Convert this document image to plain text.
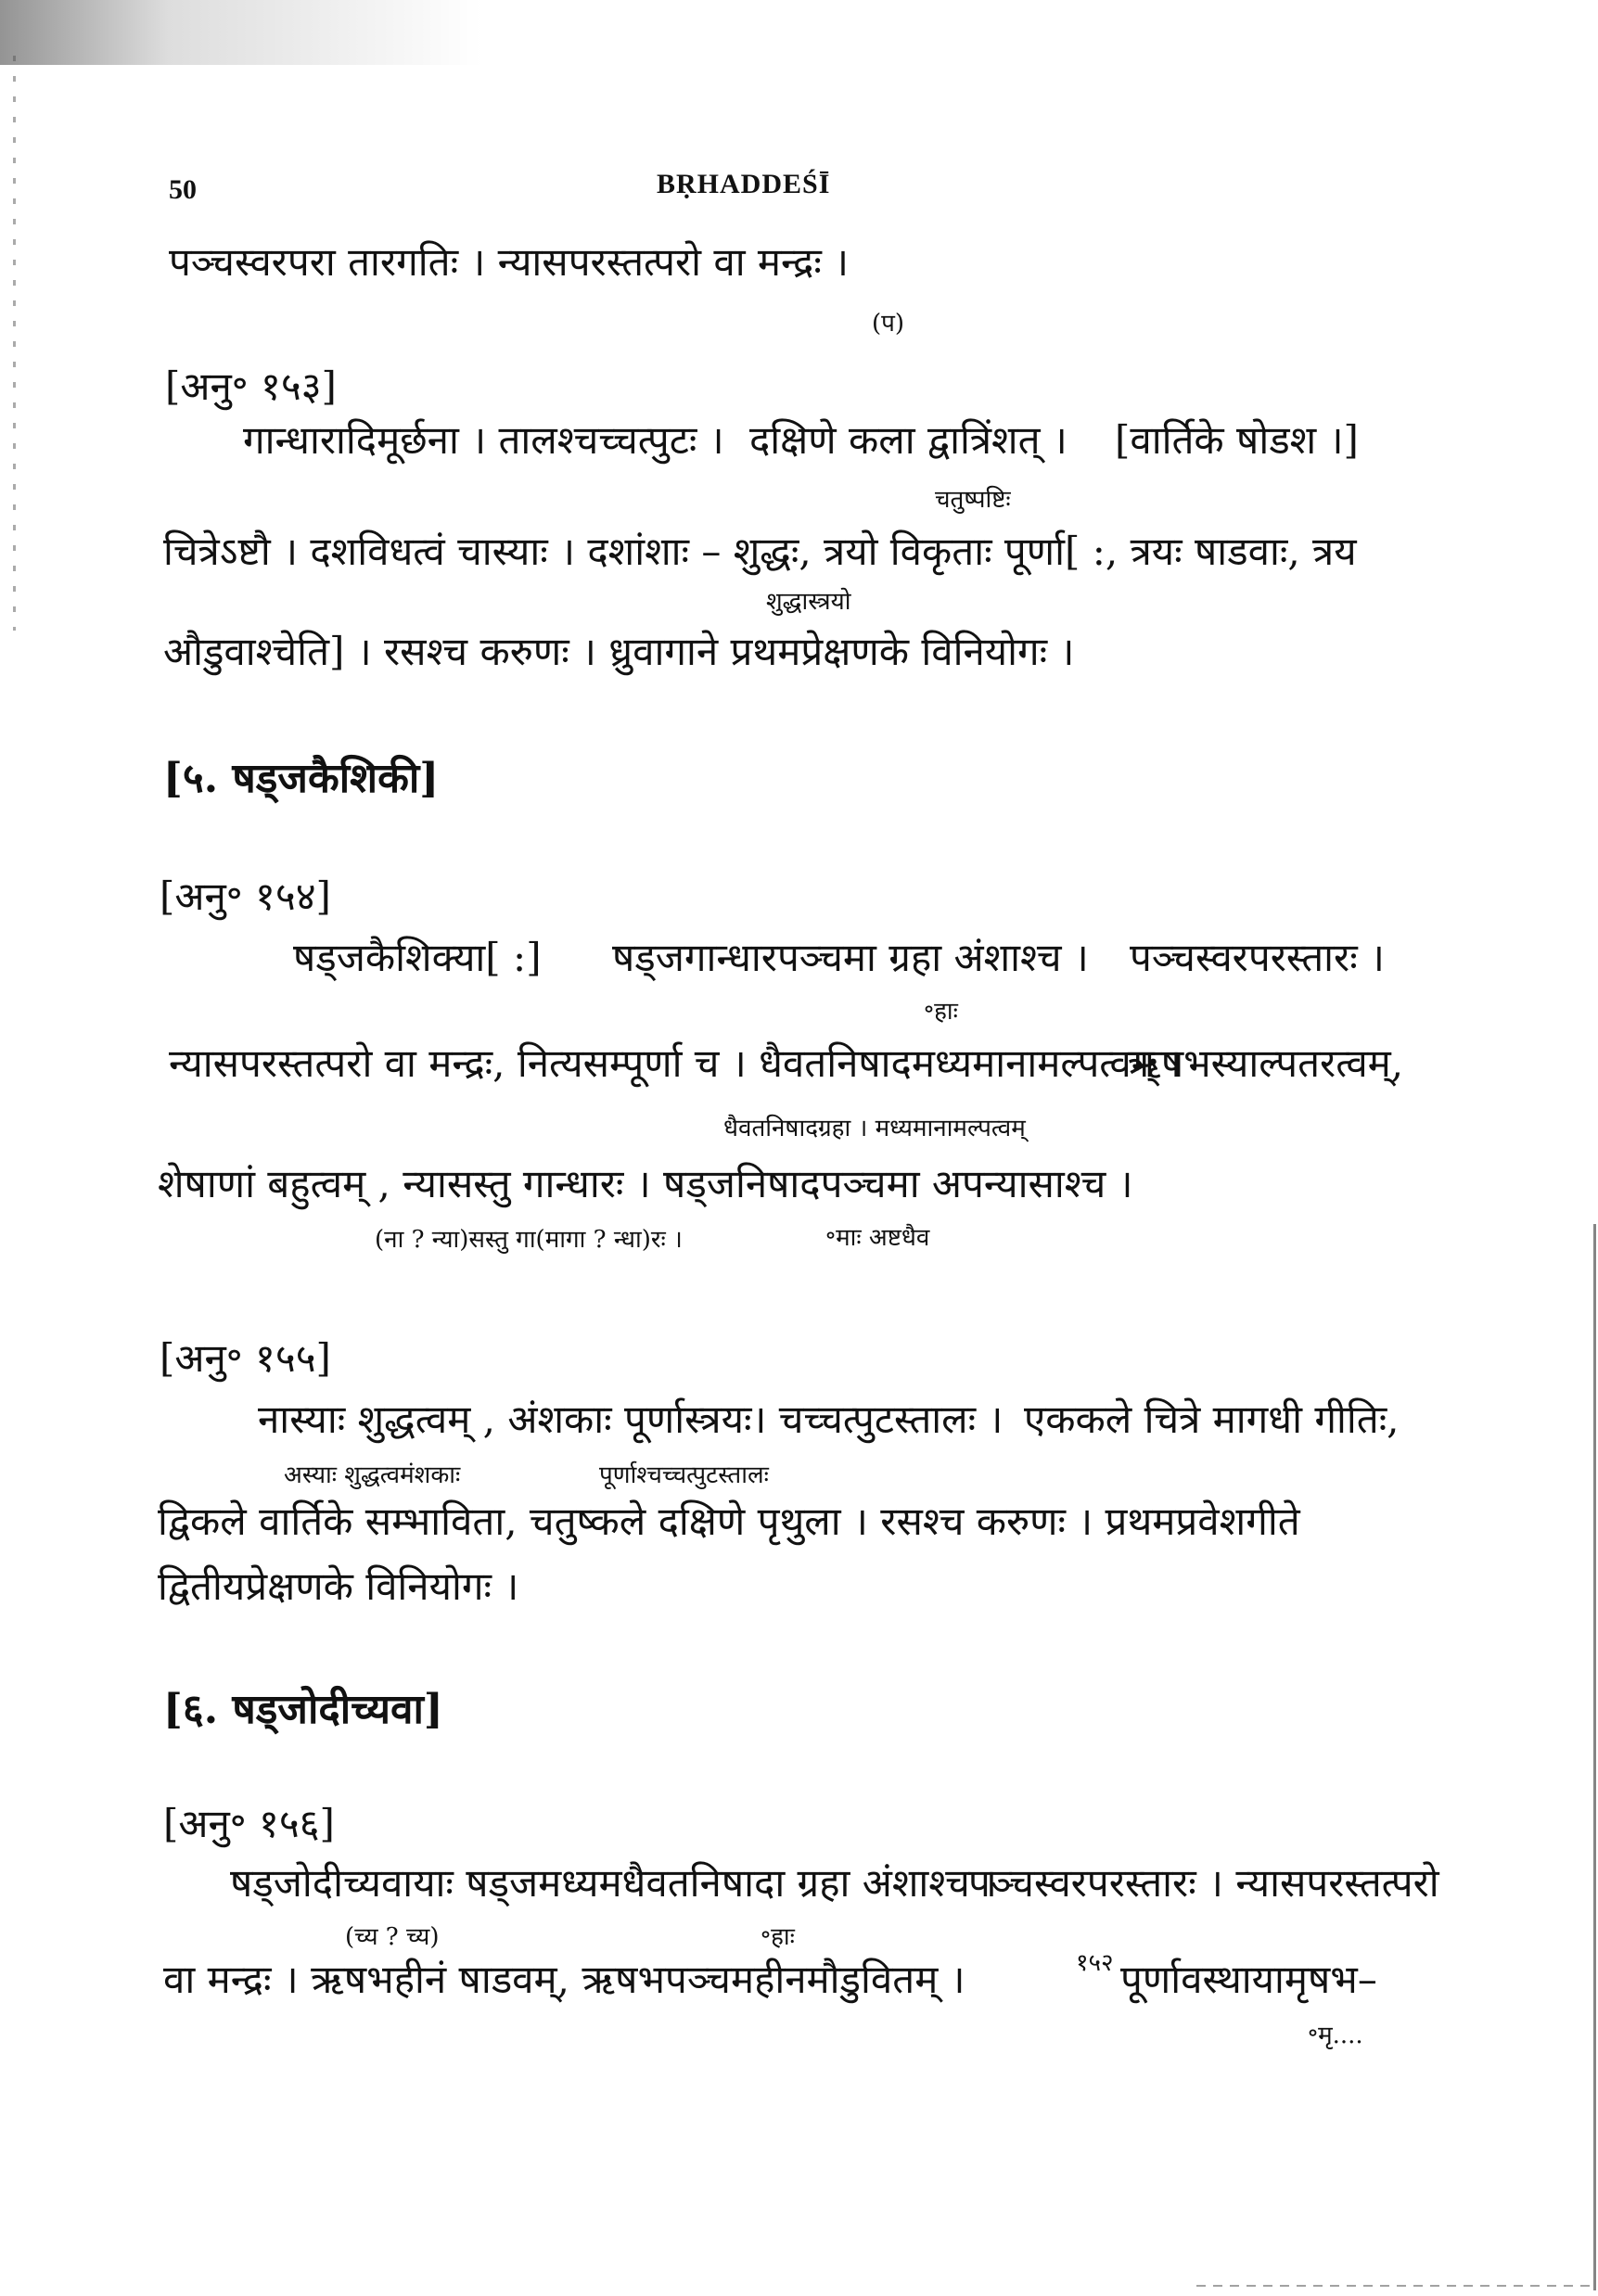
50	BṚHADDEŚĪ
पञ्चस्वरपरा तारगतिः । न्यासपरस्तत्परो वा मन्द्रः ।
(प)
[अनु॰ १५३]
गान्धारादिमूर्छना । तालश्चच्चत्पुटः । दक्षिणे कला द्वात्रिंशत् । [वार्तिके षोडश ।]
चतुष्पष्टिः
चित्रेऽष्टौ । दशविधत्वं चास्याः । दशांशाः – शुद्धः, त्रयो विकृताः पूर्णा[ :, त्रयः षाडवाः, त्रय
शुद्धास्त्रयो
औडुवाश्चेति] । रसश्च करुणः । ध्रुवागाने प्रथमप्रेक्षणके विनियोगः ।
[५. षड्जकैशिकी]
[अनु॰ १५४]
षड्जकैशिक्या[ :] षड्जगान्धारपञ्चमा ग्रहा अंशाश्च । पञ्चस्वरपरस्तारः ।
॰हाः
न्यासपरस्तत्परो वा मन्द्रः, नित्यसम्पूर्णा च । धैवतनिषादमध्यमानामल्पत्वम् ।
ऋषभस्याल्पतरत्वम्,
धैवतनिषादग्रहा । मध्यमानामल्पत्वम्
शेषाणां बहुत्वम् , न्यासस्तु गान्धारः । षड्जनिषादपञ्चमा अपन्यासाश्च ।
(ना ? न्या)सस्तु गा(मागा ? न्धा)रः ।	॰माः अष्टधैव
[अनु॰ १५५]
नास्याः शुद्धत्वम् , अंशकाः पूर्णास्त्रयः। चच्चत्पुटस्तालः । एककले चित्रे मागधी गीतिः,
अस्याः शुद्धत्वमंशकाः	पूर्णाश्चच्चत्पुटस्तालः
द्विकले वार्तिके सम्भाविता, चतुष्कले दक्षिणे पृथुला । रसश्च करुणः । प्रथमप्रवेशगीते
द्वितीयप्रेक्षणके विनियोगः ।
[६. षड्जोदीच्यवा]
[अनु॰ १५६]
षड्जोदीच्यवायाः षड्जमध्यमधैवतनिषादा ग्रहा अंशाश्च ।
पञ्चस्वरपरस्तारः । न्यासपरस्तत्परो
(च्य ? च्य)	॰हाः
वा मन्द्रः । ऋषभहीनं षाडवम्, ऋषभपञ्चमहीनमौडुवितम् ।	१५२ पूर्णावस्थायामृषभ–
॰मृ....
